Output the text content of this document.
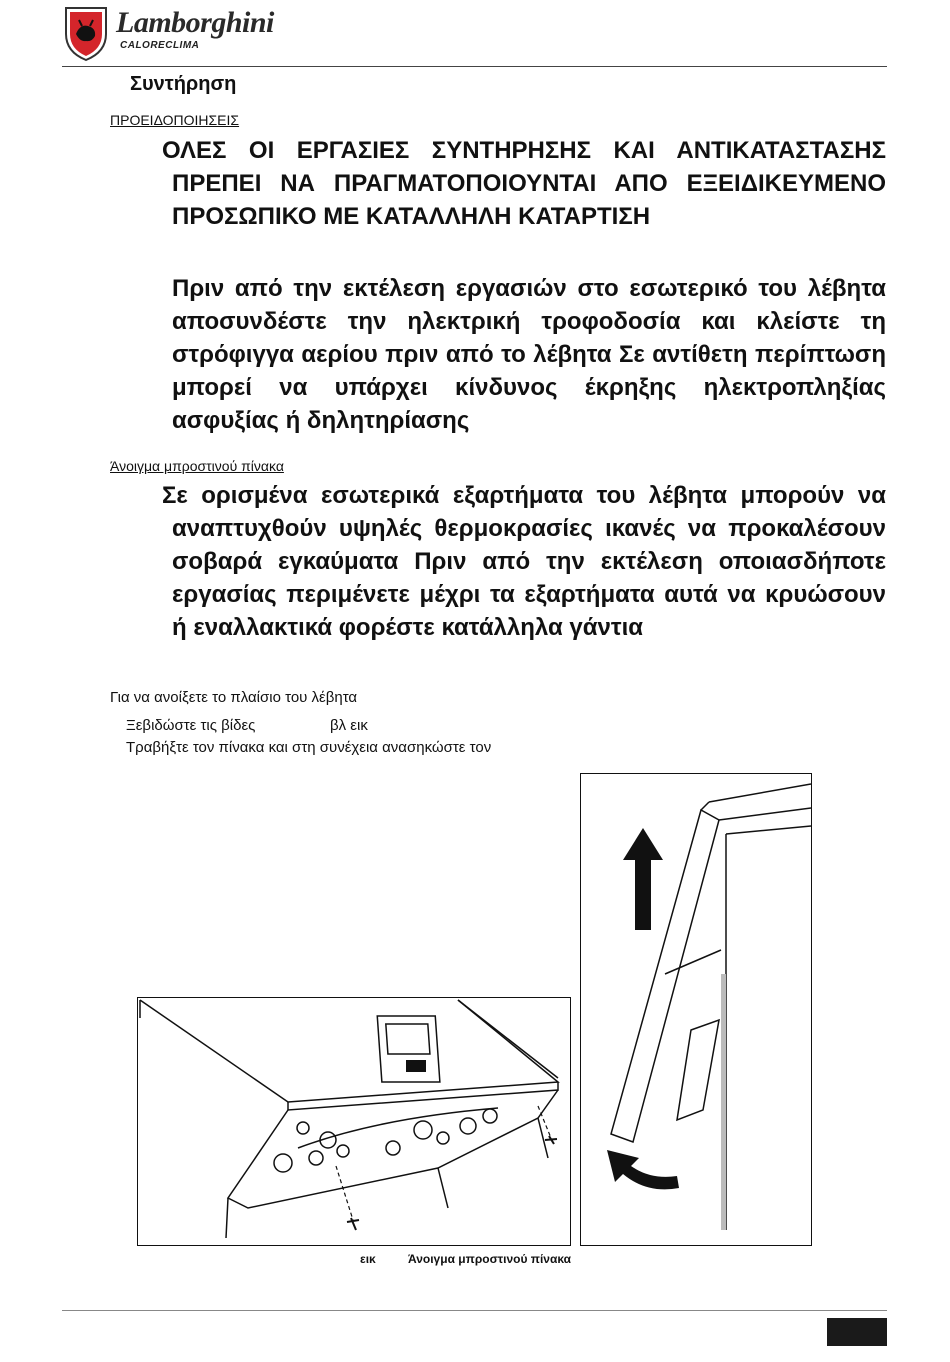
Lamborghini
CALORECLIMA
Συντήρηση
ΠΡΟΕΙΔΟΠΟΙΗΣΕΙΣ
ΟΛΕΣ ΟΙ ΕΡΓΑΣΙΕΣ ΣΥΝΤΗΡΗΣΗΣ ΚΑΙ ΑΝΤΙΚΑΤΑΣΤΑΣΗΣ ΠΡΕΠΕΙ ΝΑ ΠΡΑΓΜΑΤΟΠΟΙΟΥΝΤΑΙ ΑΠΟ ΕΞΕΙΔΙΚΕΥΜΕΝΟ ΠΡΟΣΩΠΙΚΟ ΜΕ ΚΑΤΑΛΛΗΛΗ ΚΑΤΑΡΤΙΣΗ
Πριν από την εκτέλεση εργασιών στο εσωτερικό του λέβητα αποσυνδέστε την ηλεκτρική τροφοδοσία και κλείστε τη στρόφιγγα αερίου πριν από το λέβητα Σε αντίθετη περίπτωση μπορεί να υπάρχει κίνδυνος έκρηξης ηλεκτροπληξίας ασφυξίας ή δηλητηρίασης
Άνοιγμα μπροστινού πίνακα
Σε ορισμένα εσωτερικά εξαρτήματα του λέβητα μπορούν να αναπτυχθούν υψηλές θερμοκρασίες ικανές να προκαλέσουν σοβαρά εγκαύματα Πριν από την εκτέλεση οποιασδήποτε εργασίας περιμένετε μέχρι τα εξαρτήματα αυτά να κρυώσουν ή εναλλακτικά φορέστε κατάλληλα γάντια
Για να ανοίξετε το πλαίσιο του λέβητα
Ξεβιδώστε τις βίδες	βλ εικ
Τραβήξτε τον πίνακα και στη συνέχεια ανασηκώστε τον
εικ	Άνοιγμα μπροστινού πίνακα
